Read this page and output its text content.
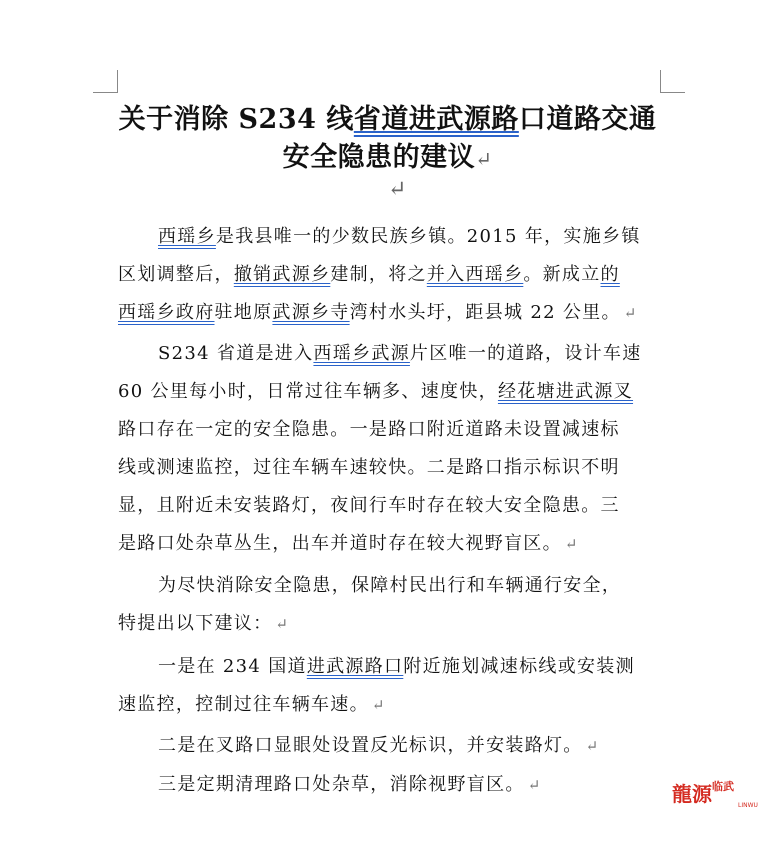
关于消除 S234 线省道进武源路口道路交通
安全隐患的建议↵
↵

西瑶乡是我县唯一的少数民族乡镇。2015 年，实施乡镇

区划调整后，撤销武源乡建制，将之并入西瑶乡。新成立的

西瑶乡政府驻地原武源乡寺湾村水头圩，距县城 22 公里。 ↵

S234 省道是进入西瑶乡武源片区唯一的道路，设计车速

60 公里每小时，日常过往车辆多、速度快，经花塘进武源叉

路口存在一定的安全隐患。一是路口附近道路未设置减速标

线或测速监控，过往车辆车速较快。二是路口指示标识不明

显，且附近未安装路灯，夜间行车时存在较大安全隐患。三

是路口处杂草丛生，出车并道时存在较大视野盲区。 ↵

为尽快消除安全隐患，保障村民出行和车辆通行安全，

特提出以下建议： ↵

一是在 234 国道进武源路口附近施划减速标线或安装测

速监控，控制过往车辆车速。 ↵

二是在叉路口显眼处设置反光标识，并安装路灯。 ↵

三是定期清理路口处杂草，消除视野盲区。 ↵	龍源$^{临武}$
LINWU
